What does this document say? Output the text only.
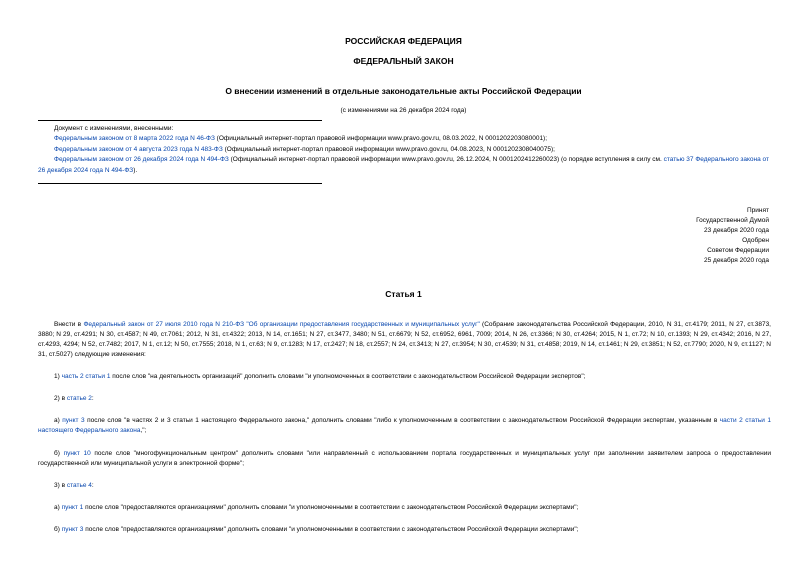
РОССИЙСКАЯ ФЕДЕРАЦИЯ
ФЕДЕРАЛЬНЫЙ ЗАКОН
О внесении изменений в отдельные законодательные акты Российской Федерации
(с изменениями на 26 декабря 2024 года)

Документ с изменениями, внесенными:

Федеральным законом от 8 марта 2022 года N 46-ФЗ (Официальный интернет-портал правовой информации www.pravo.gov.ru, 08.03.2022, N 0001202203080001);

Федеральным законом от 4 августа 2023 года N 483-ФЗ (Официальный интернет-портал правовой информации www.pravo.gov.ru, 04.08.2023, N 0001202308040075);

Федеральным законом от 26 декабря 2024 года N 494-ФЗ (Официальный интернет-портал правовой информации www.pravo.gov.ru, 26.12.2024, N 0001202412260023) (о порядке вступления в силу см. статью 37 Федерального закона от 26 декабря 2024 года N 494-ФЗ).

Принят
Государственной Думой
23 декабря 2020 года
Одобрен
Советом Федерации
25 декабря 2020 года
Статья 1

Внести в Федеральный закон от 27 июля 2010 года N 210-ФЗ "Об организации предоставления государственных и муниципальных услуг" (Собрание законодательства Российской Федерации, 2010, N 31, ст.4179; 2011, N 27, ст.3873, 3880; N 29, ст.4291; N 30, ст.4587; N 49, ст.7061; 2012, N 31, ст.4322; 2013, N 14, ст.1651; N 27, ст.3477, 3480; N 51, ст.6679; N 52, ст.6952, 6961, 7009; 2014, N 26, ст.3366; N 30, ст.4264; 2015, N 1, ст.72; N 10, ст.1393; N 29, ст.4342; 2016, N 27, ст.4293, 4294; N 52, ст.7482; 2017, N 1, ст.12; N 50, ст.7555; 2018, N 1, ст.63; N 9, ст.1283; N 17, ст.2427; N 18, ст.2557; N 24, ст.3413; N 27, ст.3954; N 30, ст.4539; N 31, ст.4858; 2019, N 14, ст.1461; N 29, ст.3851; N 52, ст.7790; 2020, N 9, ст.1127; N 31, ст.5027) следующие изменения:

1) часть 2 статьи 1 после слов "на деятельность организаций" дополнить словами "и уполномоченных в соответствии с законодательством Российской Федерации экспертов";

2) в статье 2:

а) пункт 3 после слов "в частях 2 и 3 статьи 1 настоящего Федерального закона," дополнить словами "либо к уполномоченным в соответствии с законодательством Российской Федерации экспертам, указанным в части 2 статьи 1 настоящего Федерального закона,";

б) пункт 10 после слов "многофункциональным центром" дополнить словами "или направленный с использованием портала государственных и муниципальных услуг при заполнении заявителем запроса о предоставлении государственной или муниципальной услуги в электронной форме";

3) в статье 4:

а) пункт 1 после слов "предоставляются организациями" дополнить словами "и уполномоченными в соответствии с законодательством Российской Федерации экспертами";

б) пункт 3 после слов "предоставляются организациями" дополнить словами "и уполномоченными в соответствии с законодательством Российской Федерации экспертами";
